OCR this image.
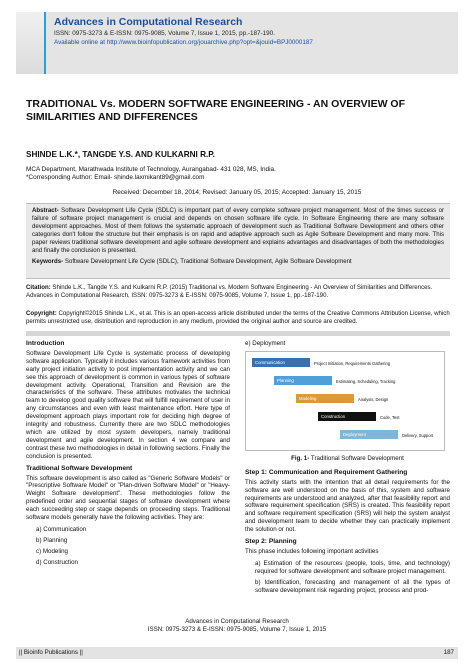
Advances in Computational Research
ISSN: 0975-3273 & E-ISSN: 0975-9085, Volume 7, Issue 1, 2015, pp.-187-190.
Available online at http://www.bioinfopublication.org/jouarchive.php?opt=&jouid=BPJ0000187
TRADITIONAL Vs. MODERN SOFTWARE ENGINEERING - AN OVERVIEW OF SIMILARITIES AND DIFFERENCES
SHINDE L.K.*, TANGDE Y.S. AND KULKARNI R.P.
MCA Department, Marathwada Institute of Technology, Aurangabad- 431 028, MS, India.
*Corresponding Author: Email- shinde.laxmikant89@gmail.com
Received: December 18, 2014; Revised: January 05, 2015; Accepted: January 15, 2015
Abstract- Software Development Life Cycle (SDLC) is important part of every complete software project management. Most of the times success or failure of software project management is crucial and depends on chosen software life cycle. In Software Engineering there are many software development approaches. Most of them follows the systematic approach of development such as Traditional Software Development and others other categories don't follow the structure but their emphasis is on rapid and adaptive approach such as Agile Software Development and many more. This paper reviews traditional software development and agile software development and explains advantages and disadvantages of both the methodologies and finally the conclusion is presented.
Keywords- Software Development Life Cycle (SDLC), Traditional Software Development, Agile Software Development
Citation: Shinde L.K., Tangde Y.S. and Kulkarni R.P. (2015) Traditional vs. Modern Software Engineering - An Overview of Similarities and Differences. Advances in Computational Research, ISSN: 0975-3273 & E-ISSN: 0975-9085, Volume 7, Issue 1, pp.-187-190.
Copyright: Copyright©2015 Shinde L.K., et al. This is an open-access article distributed under the terms of the Creative Commons Attribution License, which permits unrestricted use, distribution and reproduction in any medium, provided the original author and source are credited.
Introduction
Software Development Life Cycle is systematic process of developing software application. Typically it includes various framework activities from early project initiation activity to post implementation activity and we can see this approach of development is common in various types of software development activity. Operational, Transition and Revision are the characteristics of the software. These attributes motivates the technical team to develop good quality software that will fulfill requirement of user in any circumstances and even with least maintenance effort. Here type of development approach plays important role for deciding high degree of integrity and robustness. Currently there are two SDLC methodologies which are utilized by most system developers, namely traditional development and agile development. In section 4 we compare and contrast these two methodologies in detail in following sections. Finally the conclusion is presented.
Traditional Software Development
This software development is also called as "Generic Software Models" or "Prescriptive Software Model" or "Plan-driven Software Model" or "Heavy-Weight Software development". These methodologies follow the predefined order and sequential stages of software development where each succeeding step or stage depends on proceeding steps. Traditional software models generally have the following activities. They are:
a) Communication
b) Planning
c) Modeling
d) Construction
e) Deployment
Communication	Project Initiation, Requirements Gathering
Planning	Estimating, Scheduling, Tracking
Modeling	Analysis, Design
Construction	Code, Test
Deployment	Delivery, Support
Fig. 1- Traditional Software Development
Step 1: Communication and Requirement Gathering
This activity starts with the intention that all detail requirements for the software are well understood on the basis of this, system and software requirements are understood and analyzed, after that feasibility report and software requirement specification (SRS) is created. This feasibility report and software requirement specification (SRS) will help the system analyst and development team to decide whether they can practically implement the solution or not.
Step 2: Planning
This phase includes following important activities
a) Estimation of the resources (people, tools, time, and technology) required for software development and software project management.
b) Identification, forecasting and management of all the types of software development risk regarding project, process and prod-
Advances in Computational Research
ISSN: 0975-3273 & E-ISSN: 0975-9085, Volume 7, Issue 1, 2015
|| Bioinfo Publications ||	187
